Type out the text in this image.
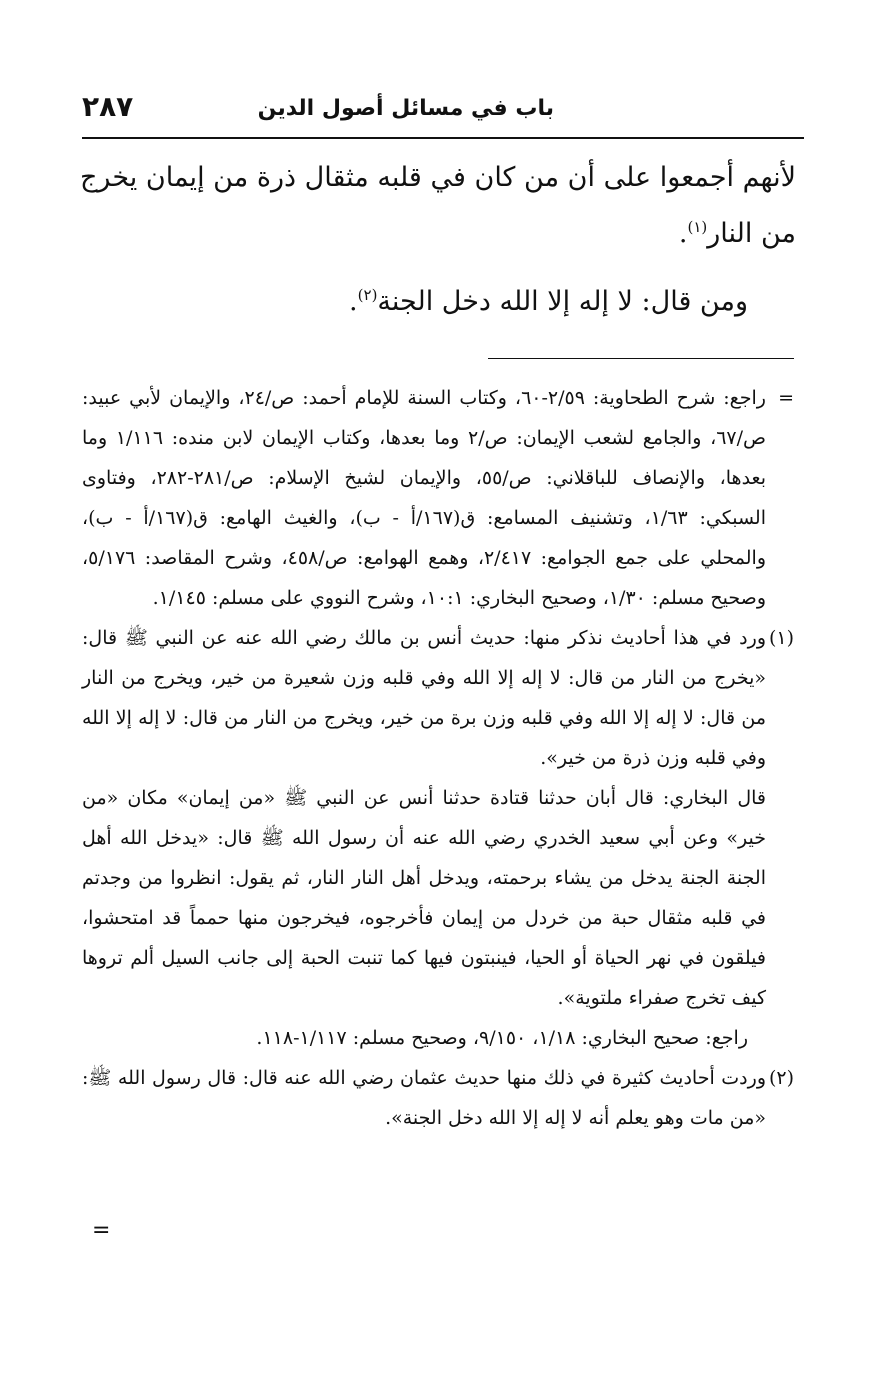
باب في مسائل أصول الدين
٢٨٧

لأنهم أجمعوا على أن من كان في قلبه مثقال ذرة من إيمان يخرج من النار$^{(١)}$.

ومن قال: لا إله إلا الله دخل الجنة$^{(٢)}$.

=
راجع: شرح الطحاوية: ٢/٥٩-٦٠، وكتاب السنة للإمام أحمد: ص/٢٤، والإيمان لأبي عبيد: ص/٦٧، والجامع لشعب الإيمان: ص/٢ وما بعدها، وكتاب الإيمان لابن منده: ١/١١٦ وما بعدها، والإنصاف للباقلاني: ص/٥٥، والإيمان لشيخ الإسلام: ص/٢٨١-٢٨٢، وفتاوى السبكي: ١/٦٣، وتشنيف المسامع: ق(١٦٧/أ - ب)، والغيث الهامع: ق(١٦٧/أ - ب)، والمحلي على جمع الجوامع: ٢/٤١٧، وهمع الهوامع: ص/٤٥٨، وشرح المقاصد: ٥/١٧٦، وصحيح مسلم: ١/٣٠، وصحيح البخاري: ١٠:١، وشرح النووي على مسلم: ١/١٤٥.

(١)
ورد في هذا أحاديث نذكر منها: حديث أنس بن مالك رضي الله عنه عن النبي ﷺ قال: «يخرج من النار من قال: لا إله إلا الله وفي قلبه وزن شعيرة من خير، ويخرج من النار من قال: لا إله إلا الله وفي قلبه وزن برة من خير، ويخرج من النار من قال: لا إله إلا الله وفي قلبه وزن ذرة من خير».

قال البخاري: قال أبان حدثنا قتادة حدثنا أنس عن النبي ﷺ «من إيمان» مكان «من خير» وعن أبي سعيد الخدري رضي الله عنه أن رسول الله ﷺ قال: «يدخل الله أهل الجنة الجنة يدخل من يشاء برحمته، ويدخل أهل النار النار، ثم يقول: انظروا من وجدتم في قلبه مثقال حبة من خردل من إيمان فأخرجوه، فيخرجون منها حمماً قد امتحشوا، فيلقون في نهر الحياة أو الحيا، فينبتون فيها كما تنبت الحبة إلى جانب السيل ألم تروها كيف تخرج صفراء ملتوية».

راجع: صحيح البخاري: ١/١٨، ٩/١٥٠، وصحيح مسلم: ١/١١٧-١١٨.

(٢)
وردت أحاديث كثيرة في ذلك منها حديث عثمان رضي الله عنه قال: قال رسول الله ﷺ: «من مات وهو يعلم أنه لا إله إلا الله دخل الجنة».

=
